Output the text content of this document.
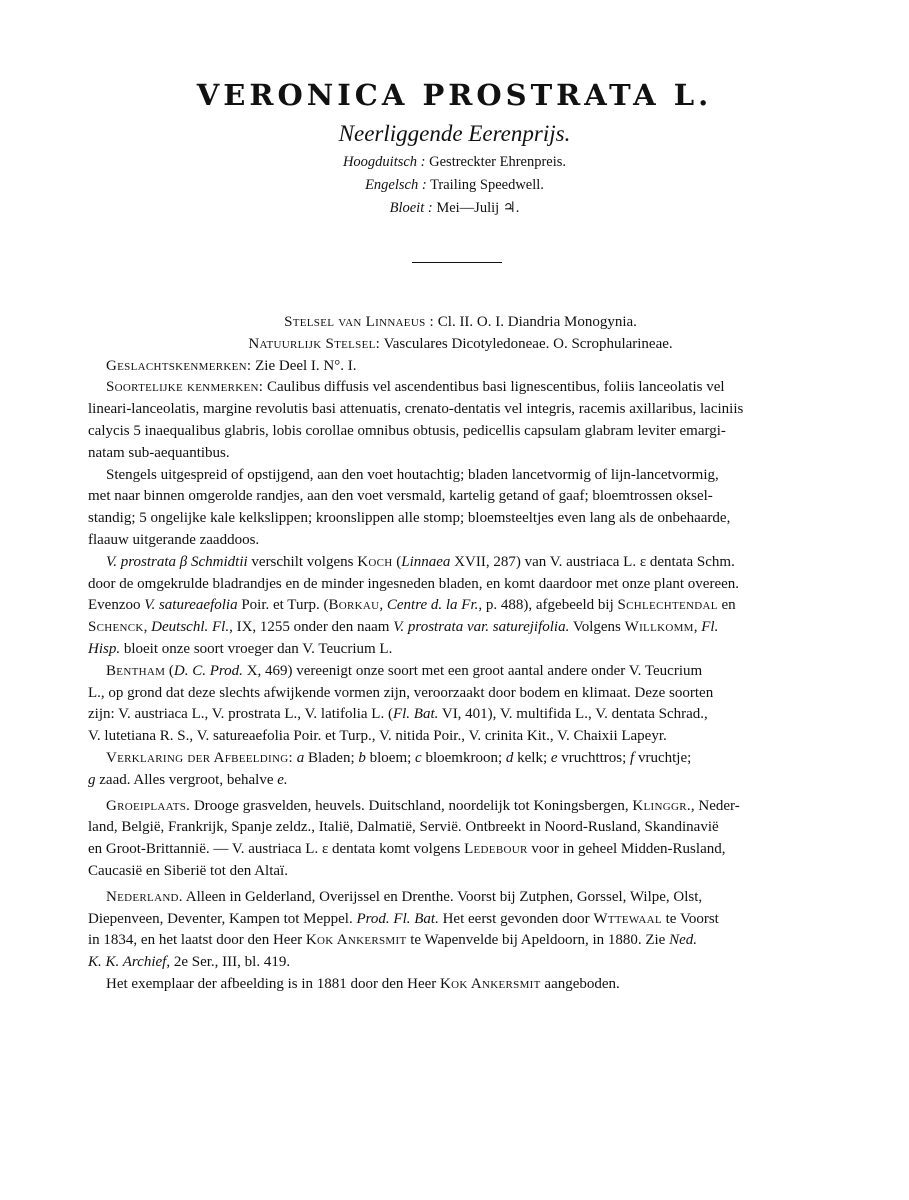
VERONICA PROSTRATA L.
Neerliggende Eerenprijs.
Hoogduitsch : Gestreckter Ehrenpreis.
Engelsch : Trailing Speedwell.
Bloeit : Mei—Julij ♃.
Stelsel van Linnaeus : Cl. II. O. I. Diandria Monogynia.
Natuurlijk Stelsel: Vasculares Dicotyledoneae. O. Scrophularineae.
Geslachtskenmerken: Zie Deel I. N°. I.
Soortelijke kenmerken: Caulibus diffusis vel ascendentibus basi lignescentibus, foliis lanceolatis vel
lineari-lanceolatis, margine revolutis basi attenuatis, crenato-dentatis vel integris, racemis axillaribus, laciniis
calycis 5 inaequalibus glabris, lobis corollae omnibus obtusis, pedicellis capsulam glabram leviter emargi-
natam sub-aequantibus.
Stengels uitgespreid of opstijgend, aan den voet houtachtig; bladen lancetvormig of lijn-lancetvormig,
met naar binnen omgerolde randjes, aan den voet versmald, kartelig getand of gaaf; bloemtrossen oksel-
standig; 5 ongelijke kale kelkslippen; kroonslippen alle stomp; bloemsteeltjes even lang als de onbehaarde,
flaauw uitgerande zaaddoos.
V. prostrata β Schmidtii verschilt volgens Koch (Linnaea XVII, 287) van V. austriaca L. ε dentata Schm.
door de omgekrulde bladrandjes en de minder ingesneden bladen, en komt daardoor met onze plant overeen.
Evenzoo V. satureaefolia Poir. et Turp. (Borkau, Centre d. la Fr., p. 488), afgebeeld bij Schlechtendal en
Schenck, Deutschl. Fl., IX, 1255 onder den naam V. prostrata var. saturejifolia. Volgens Willkomm, Fl.
Hisp. bloeit onze soort vroeger dan V. Teucrium L.
Bentham (D. C. Prod. X, 469) vereenigt onze soort met een groot aantal andere onder V. Teucrium
L., op grond dat deze slechts afwijkende vormen zijn, veroorzaakt door bodem en klimaat. Deze soorten
zijn: V. austriaca L., V. prostrata L., V. latifolia L. (Fl. Bat. VI, 401), V. multifida L., V. dentata Schrad.,
V. lutetiana R. S., V. satureaefolia Poir. et Turp., V. nitida Poir., V. crinita Kit., V. Chaixii Lapeyr.
Verklaring der Afbeelding: a Bladen; b bloem; c bloemkroon; d kelk; e vruchttros; f vruchtje;
g zaad. Alles vergroot, behalve e.
Groeiplaats. Drooge grasvelden, heuvels. Duitschland, noordelijk tot Koningsbergen, Klinggr., Neder-
land, België, Frankrijk, Spanje zeldz., Italië, Dalmatië, Servië. Ontbreekt in Noord-Rusland, Skandinavië
en Groot-Brittannië. — V. austriaca L. ε dentata komt volgens Ledebour voor in geheel Midden-Rusland,
Caucasië en Siberië tot den Altaï.
Nederland. Alleen in Gelderland, Overijssel en Drenthe. Voorst bij Zutphen, Gorssel, Wilpe, Olst,
Diepenveen, Deventer, Kampen tot Meppel. Prod. Fl. Bat. Het eerst gevonden door Wttewaal te Voorst
in 1834, en het laatst door den Heer Kok Ankersmit te Wapenvelde bij Apeldoorn, in 1880. Zie Ned.
K. K. Archief, 2e Ser., III, bl. 419.
Het exemplaar der afbeelding is in 1881 door den Heer Kok Ankersmit aangeboden.
